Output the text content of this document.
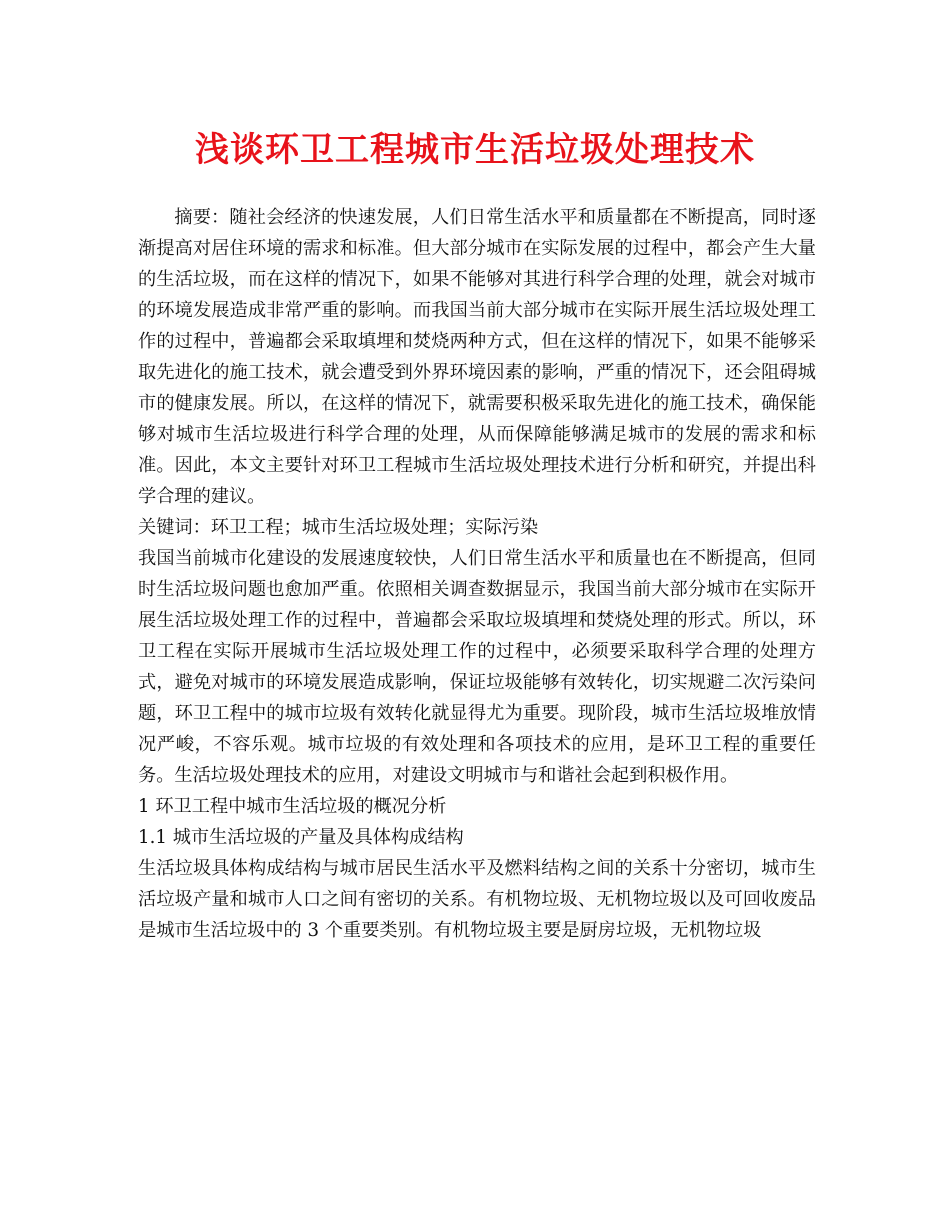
浅谈环卫工程城市生活垃圾处理技术

摘要：随社会经济的快速发展，人们日常生活水平和质量都在不断提高，同时逐渐提高对居住环境的需求和标准。但大部分城市在实际发展的过程中，都会产生大量的生活垃圾，而在这样的情况下，如果不能够对其进行科学合理的处理，就会对城市的环境发展造成非常严重的影响。而我国当前大部分城市在实际开展生活垃圾处理工作的过程中，普遍都会采取填埋和焚烧两种方式，但在这样的情况下，如果不能够采取先进化的施工技术，就会遭受到外界环境因素的影响，严重的情况下，还会阻碍城市的健康发展。所以，在这样的情况下，就需要积极采取先进化的施工技术，确保能够对城市生活垃圾进行科学合理的处理，从而保障能够满足城市的发展的需求和标准。因此，本文主要针对环卫工程城市生活垃圾处理技术进行分析和研究，并提出科学合理的建议。

关键词：环卫工程；城市生活垃圾处理；实际污染

我国当前城市化建设的发展速度较快，人们日常生活水平和质量也在不断提高，但同时生活垃圾问题也愈加严重。依照相关调查数据显示，我国当前大部分城市在实际开展生活垃圾处理工作的过程中，普遍都会采取垃圾填埋和焚烧处理的形式。所以，环卫工程在实际开展城市生活垃圾处理工作的过程中，必须要采取科学合理的处理方式，避免对城市的环境发展造成影响，保证垃圾能够有效转化，切实规避二次污染问题，环卫工程中的城市垃圾有效转化就显得尤为重要。现阶段，城市生活垃圾堆放情况严峻，不容乐观。城市垃圾的有效处理和各项技术的应用，是环卫工程的重要任务。生活垃圾处理技术的应用，对建设文明城市与和谐社会起到积极作用。

1 环卫工程中城市生活垃圾的概况分析

1.1 城市生活垃圾的产量及具体构成结构

生活垃圾具体构成结构与城市居民生活水平及燃料结构之间的关系十分密切，城市生活垃圾产量和城市人口之间有密切的关系。有机物垃圾、无机物垃圾以及可回收废品是城市生活垃圾中的 3 个重要类别。有机物垃圾主要是厨房垃圾，无机物垃圾
